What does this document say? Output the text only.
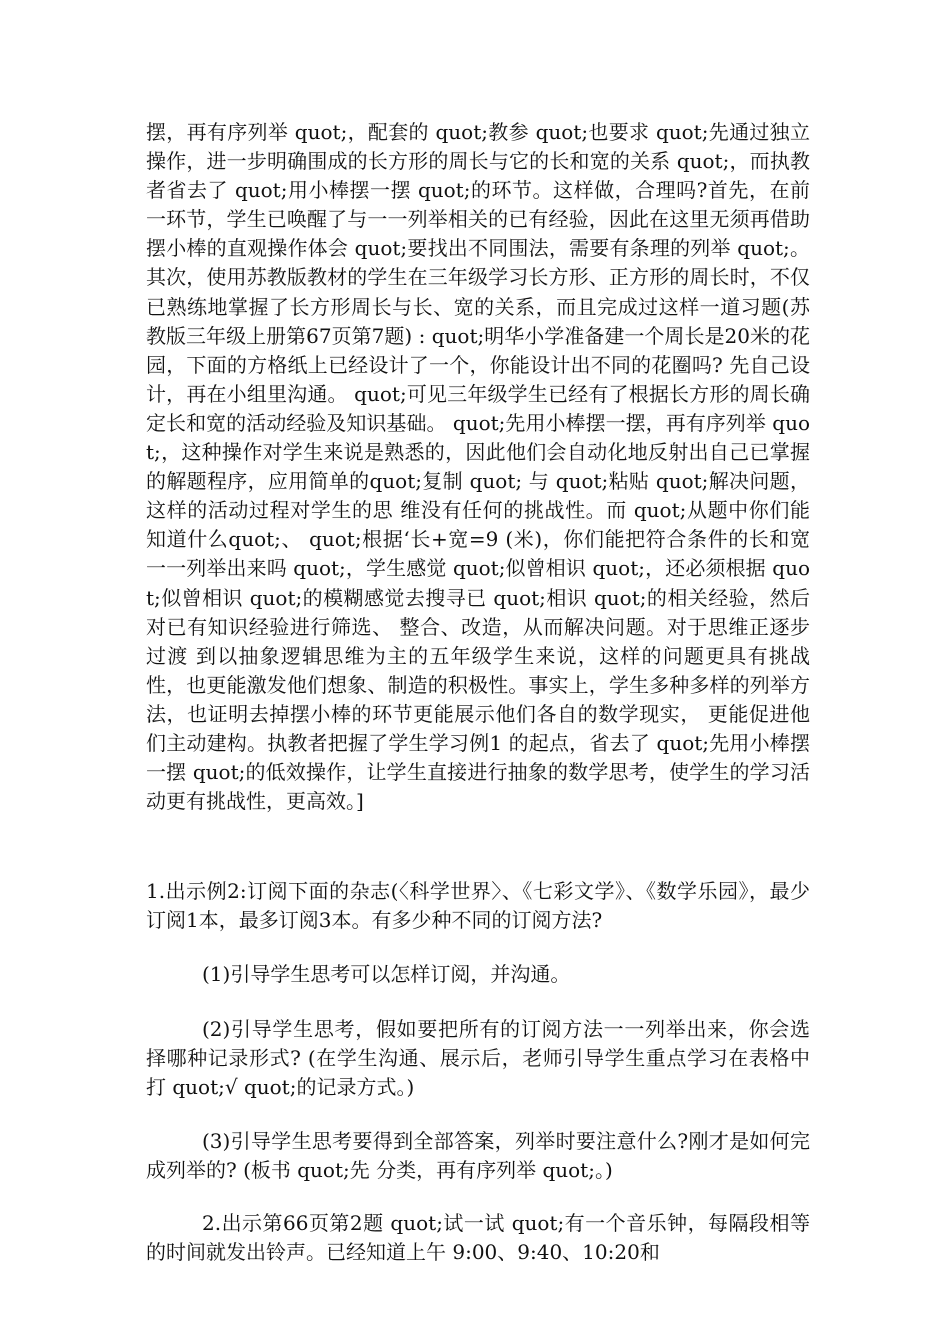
摆，再有序列举 quot;，配套的 quot;教参 quot;也要求 quot;先通过独立操作，进一步明确围成的长方形的周长与它的长和宽的关系 quot;，而执教者省去了 quot;用小棒摆一摆 quot;的环节。这样做，合理吗?首先，在前一环节，学生已唤醒了与一一列举相关的已有经验，因此在这里无须再借助摆小棒的直观操作体会 quot;要找出不同围法，需要有条理的列举 quot;。其次，使用苏教版教材的学生在三年级学习长方形、正方形的周长时，不仅已熟练地掌握了长方形周长与长、宽的关系，而且完成过这样一道习题(苏教版三年级上册第67页第7题) : quot;明华小学准备建一个周长是20米的花园，下面的方格纸上已经设计了一个，你能设计出不同的花圈吗? 先自己设计，再在小组里沟通。 quot;可见三年级学生已经有了根据长方形的周长确定长和宽的活动经验及知识基础。 quot;先用小棒摆一摆，再有序列举 quot;，这种操作对学生来说是熟悉的，因此他们会自动化地反射出自己已掌握的解题程序，应用简单的quot;复制 quot; 与 quot;粘贴 quot;解决问题，这样的活动过程对学生的思 维没有任何的挑战性。而 quot;从题中你们能知道什么quot;、 quot;根据‘长+宽=9 (米)，你们能把符合条件的长和宽一一列举出来吗 quot;，学生感觉 quot;似曾相识 quot;，还必须根据 quot;似曾相识 quot;的模糊感觉去搜寻已 quot;相识 quot;的相关经验，然后对已有知识经验进行筛选、 整合、改造，从而解决问题。对于思维正逐步过渡 到以抽象逻辑思维为主的五年级学生来说，这样的问题更具有挑战性，也更能激发他们想象、制造的积极性。事实上，学生多种多样的列举方法，也证明去掉摆小棒的环节更能展示他们各自的数学现实， 更能促进他们主动建构。执教者把握了学生学习例1 的起点，省去了 quot;先用小棒摆一摆 quot;的低效操作，让学生直接进行抽象的数学思考，使学生的学习活动更有挑战性，更高效。]

1.出示例2:订阅下面的杂志(〈科学世界〉、《七彩文学》、《数学乐园》，最少订阅1本，最多订阅3本。有多少种不同的订阅方法?

(1)引导学生思考可以怎样订阅，并沟通。

(2)引导学生思考，假如要把所有的订阅方法一一列举出来，你会选择哪种记录形式? (在学生沟通、展示后，老师引导学生重点学习在表格中打 quot;√ quot;的记录方式。)

(3)引导学生思考要得到全部答案，列举时要注意什么?刚才是如何完成列举的? (板书 quot;先 分类，再有序列举 quot;。)

2.出示第66页第2题 quot;试一试 quot;有一个音乐钟，每隔段相等的时间就发出铃声。已经知道上午 9:00、9:40、10:20和
